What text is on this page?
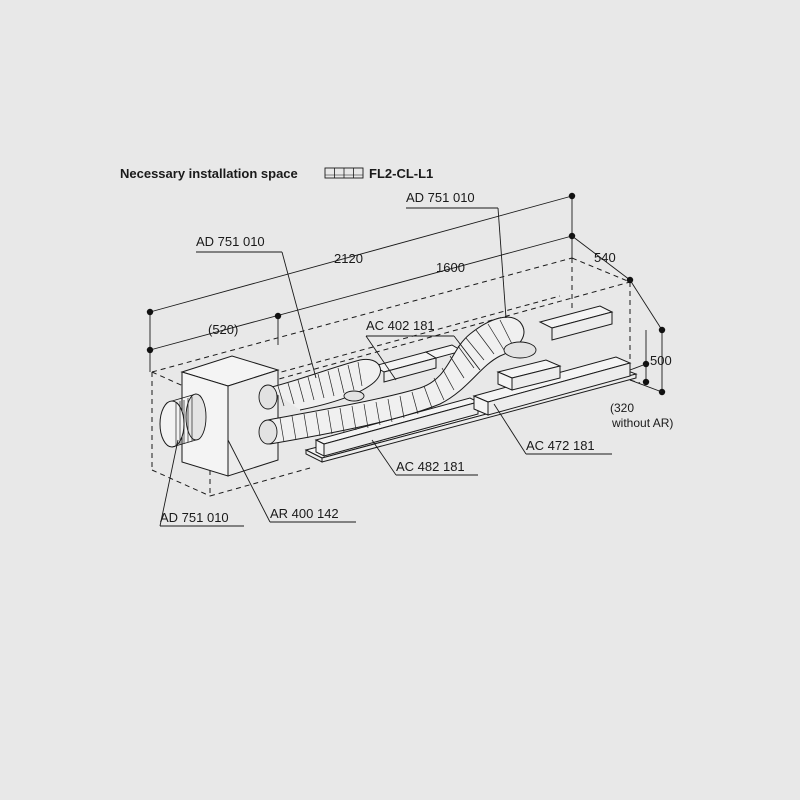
Necessary installation space	FL2-CL-L1
2120
1600
(520)
540
500
(320
without AR)
AD 751 010
AD 751 010
AC 402 181
AC 472 181
AC 482 181
AR 400 142
AD 751 010
